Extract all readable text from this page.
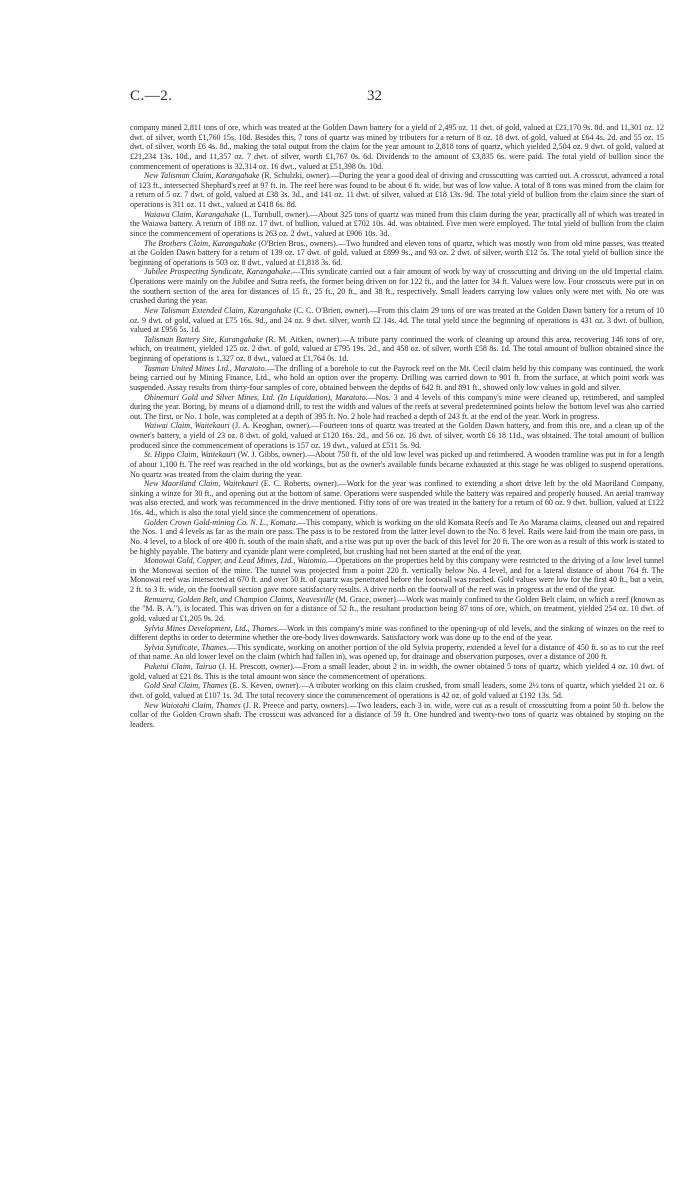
C.—2.	32

company mined 2,811 tons of ore, which was treated at the Golden Dawn battery for a yield of 2,495 oz. 11 dwt. of gold, valued at £21,170 9s. 8d. and 11,301 oz. 12 dwt. of silver, worth £1,760 15s. 10d. Besides this, 7 tons of quartz was mined by tributers for a return of 8 oz. 18 dwt. of gold, valued at £64 4s. 2d. and 55 oz. 15 dwt. of silver, worth £6 4s. 8d., making the total output from the claim for the year amount to 2,818 tons of quartz, which yielded 2,504 oz. 9 dwt. of gold, valued at £21,234 13s. 10d., and 11,357 oz. 7 dwt. of silver, worth £1,767 0s. 6d. Dividends to the amount of £3,835 6s. were paid. The total yield of bullion since the commencement of operations is 32,314 oz. 16 dwt., valued at £51,398 0s. 10d.

New Talisman Claim, Karangahake (R. Schulzki, owner).—During the year a good deal of driving and crosscutting was carried out. A crosscut, advanced a total of 123 ft., intersected Shephard's reef at 97 ft. in. The reef here was found to be about 6 ft. wide, but was of low value. A total of 8 tons was mined from the claim for a return of 5 oz. 7 dwt. of gold, valued at £38 3s. 3d., and 141 oz. 11 dwt. of silver, valued at £18 13s. 9d. The total yield of bullion from the claim since the start of operations is 311 oz. 11 dwt., valued at £418 6s. 8d.

Waiawa Claim, Karangahake (L. Turnbull, owner).—About 325 tons of quartz was mined from this claim during the year, practically all of which was treated in the Waiawa battery. A return of 188 oz. 17 dwt. of bullion, valued at £702 10s. 4d. was obtained. Five men were employed. The total yield of bullion from the claim since the commencement of operations is 263 oz. 2 dwt., valued at £906 10s. 3d.

The Brothers Claim, Karangahake (O'Brien Bros., owners).—Two hundred and eleven tons of quartz, which was mostly won from old mine passes, was treated at the Golden Dawn battery for a return of 139 oz. 17 dwt. of gold, valued at £899 9s., and 93 oz. 2 dwt. of silver, worth £12 5s. The total yield of bullion since the beginning of operations is 503 oz. 8 dwt., valued at £1,818 3s. 6d.

Jubilee Prospecting Syndicate, Karangahake.—This syndicate carried out a fair amount of work by way of crosscutting and driving on the old Imperial claim. Operations were mainly on the Jubilee and Sutra reefs, the former being driven on for 122 ft., and the latter for 34 ft. Values were low. Four crosscuts were put in on the southern section of the area for distances of 15 ft., 25 ft., 20 ft., and 38 ft., respectively. Small leaders carrying low values only were met with. No ore was crushed during the year.

New Talisman Extended Claim, Karangahake (C. C. O'Brien, owner).—From this claim 29 tons of ore was treated at the Golden Dawn battery for a return of 10 oz. 9 dwt. of gold, valued at £75 16s. 9d., and 24 oz. 9 dwt. silver, worth £2 14s. 4d. The total yield since the beginning of operations is 431 oz. 3 dwt. of bullion, valued at £956 5s. 1d.

Talisman Battery Site, Karangahake (R. M. Aitken, owner).—A tribute party continued the work of cleaning up around this area, recovering 146 tons of ore, which, on treatment, yielded 125 oz. 2 dwt. of gold, valued at £795 19s. 2d., and 458 oz. of silver, worth £58 8s. 1d. The total amount of bullion obtained since the beginning of operations is 1,327 oz. 8 dwt., valued at £1,764 0s. 1d.

Tasman United Mines Ltd., Maratoto.—The drilling of a borehole to cut the Payrock reef on the Mt. Cecil claim held by this company was continued, the work being carried out by Mining Finance, Ltd., who hold an option over the property. Drilling was carried down to 901 ft. from the surface, at which point work was suspended. Assay results from thirty-four samples of core, obtained between the depths of 642 ft. and 891 ft., showed only low values in gold and silver.

Ohinemuri Gold and Silver Mines, Ltd. (In Liquidation), Maratoto.—Nos. 3 and 4 levels of this company's mine were cleaned up, retimbered, and sampled during the year. Boring, by means of a diamond drill, to test the width and values of the reefs at several predetermined points below the bottom level was also carried out. The first, or No. 1 hole, was completed at a depth of 395 ft. No. 2 hole had reached a depth of 243 ft. at the end of the year. Work in progress.

Waiwai Claim, Waitekauri (J. A. Keoghan, owner).—Fourteen tons of quartz was treated at the Golden Dawn battery, and from this ore, and a clean up of the owner's battery, a yield of 23 oz. 8 dwt. of gold, valued at £120 16s. 2d., and 56 oz. 16 dwt. of silver, worth £6 18 11d., was obtained. The total amount of bullion produced since the commencement of operations is 157 oz. 19 dwt., valued at £511 5s. 9d.

St. Hippo Claim, Waitekauri (W. J. Gibbs, owner).—About 750 ft. of the old low level was picked up and retimbered. A wooden tramline was put in for a length of about 1,100 ft. The reef was reached in the old workings, but as the owner's available funds became exhausted at this stage he was obliged to suspend operations. No quartz was treated from the claim during the year.

New Maoriland Claim, Waitekauri (E. C. Roberts, owner).—Work for the year was confined to extending a short drive left by the old Maoriland Company, sinking a winze for 30 ft., and opening out at the bottom of same. Operations were suspended while the battery was repaired and properly housed. An aerial tramway was also erected, and work was recommenced in the drive mentioned. Fifty tons of ore was treated in the battery for a return of 60 oz. 9 dwt. bullion, valued at £122 16s. 4d., which is also the total yield since the commencement of operations.

Golden Crown Gold-mining Co. N. L., Komata.—This company, which is working on the old Komata Reefs and Te Ao Marama claims, cleaned out and repaired the Nos. 1 and 4 levels as far as the main ore pass. The pass is to be restored from the latter level down to the No. 8 level. Rails were laid from the main ore pass, in No. 4 level, to a block of ore 400 ft. south of the main shaft, and a rise was put up over the back of this level for 20 ft. The ore won as a result of this work is stated to be highly payable. The battery and cyanide plant were completed, but crushing had not been started at the end of the year.

Monowai Gold, Copper, and Lead Mines, Ltd., Waiomio.—Operations on the properties held by this company were restricted to the driving of a low level tunnel in the Monowai section of the mine. The tunnel was projected from a point 220 ft. vertically below No. 4 level, and for a lateral distance of about 764 ft. The Monowai reef was intersected at 670 ft. and over 50 ft. of quartz was penetrated before the footwall was reached. Gold values were low for the first 40 ft., but a vein, 2 ft. to 3 ft. wide, on the footwall section gave more satisfactory results. A drive north on the footwall of the reef was in progress at the end of the year.

Remuera, Golden Belt, and Champion Claims, Neavesville (M. Grace, owner).—Work was mainly confined to the Golden Belt claim, on which a reef (known as the "M. B. A."), is located. This was driven on for a distance of 52 ft., the resultant production being 87 tons of ore, which, on treatment, yielded 254 oz. 10 dwt. of gold, valued at £1,205 9s. 2d.

Sylvia Mines Development, Ltd., Thames.—Work in this company's mine was confined to the opening-up of old levels, and the sinking of winzes on the reef to different depths in order to determine whether the ore-body lives downwards. Satisfactory work was done up to the end of the year.

Sylvia Syndicate, Thames.—This syndicate, working on another portion of the old Sylvia property, extended a level for a distance of 450 ft. so as to cut the reef of that name. An old lower level on the claim (which had fallen in), was opened up, for drainage and observation purposes, over a distance of 200 ft.

Puketui Claim, Tairua (J. H. Prescott, owner).—From a small leader, about 2 in. in width, the owner obtained 5 tons of quartz, which yielded 4 oz. 10 dwt. of gold, valued at £21 8s. This is the total amount won since the commencement of operations.

Gold Seal Claim, Thames (E. S. Keven, owner).—A tributer working on this claim crushed, from small leaders, some 2½ tons of quartz, which yielded 21 oz. 6 dwt. of gold, valued at £107 1s. 3d. The total recovery since the commencement of operations is 42 oz. of gold valued at £192 13s. 5d.

New Waiotahi Claim, Thames (J. R. Preece and party, owners).—Two leaders, each 3 in. wide, were cut as a result of crosscutting from a point 50 ft. below the collar of the Golden Crown shaft. The crosscut was advanced for a distance of 59 ft. One hundred and twenty-two tons of quartz was obtained by stoping on the leaders.
